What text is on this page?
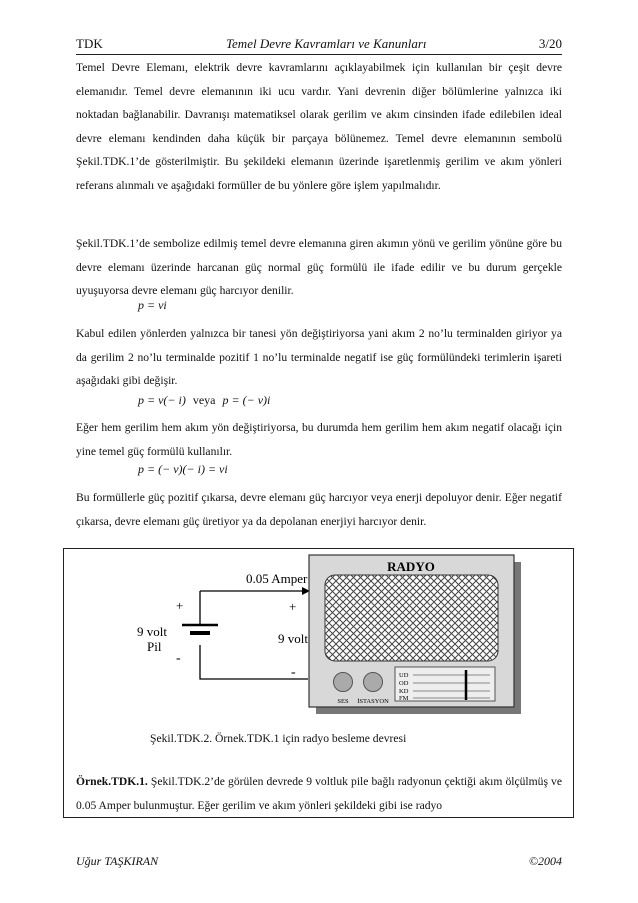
TDK	Temel Devre Kavramları ve Kanunları	3/20

Temel Devre Elemanı, elektrik devre kavramlarını açıklayabilmek için kullanılan bir çeşit devre elemanıdır. Temel devre elemanının iki ucu vardır. Yani devrenin diğer bölümlerine yalnızca iki noktadan bağlanabilir. Davranışı matematiksel olarak gerilim ve akım cinsinden ifade edilebilen ideal devre elemanı kendinden daha küçük bir parçaya bölünemez. Temel devre elemanının sembolü Şekil.TDK.1’de gösterilmiştir. Bu şekildeki elemanın üzerinde işaretlenmiş gerilim ve akım yönleri referans alınmalı ve aşağıdaki formüller de bu yönlere göre işlem yapılmalıdır.

Şekil.TDK.1’de sembolize edilmiş temel devre elemanına giren akımın yönü ve gerilim yönüne göre bu devre elemanı üzerinde harcanan güç normal güç formülü ile ifade edilir ve bu durum gerçekle uyuşuyorsa devre elemanı güç harcıyor denilir.

p = vi

Kabul edilen yönlerden yalnızca bir tanesi yön değiştiriyorsa yani akım 2 no’lu terminalden giriyor ya da gerilim 2 no’lu terminalde pozitif 1 no’lu terminalde negatif ise güç formülündeki terimlerin işareti aşağıdaki gibi değişir.

p = v(− i) veya p = (− v)i

Eğer hem gerilim hem akım yön değiştiriyorsa, bu durumda hem gerilim hem akım negatif olacağı için yine temel güç formülü kullanılır.

p = (− v)(− i) = vi

Bu formüllerle güç pozitif çıkarsa, devre elemanı güç harcıyor veya enerji depoluyor denir. Eğer negatif çıkarsa, devre elemanı güç üretiyor ya da depolanan enerjiyi harcıyor denir.

0.05 Amper
+
-
9 volt
Pil
+
9 volt
-
RADYO
SES İSTASYON
UD
OD
KD
FM
Şekil.TDK.2. Örnek.TDK.1 için radyo besleme devresi

Örnek.TDK.1. Şekil.TDK.2’de görülen devrede 9 voltluk pile bağlı radyonun çektiği akım ölçülmüş ve 0.05 Amper bulunmuştur. Eğer gerilim ve akım yönleri şekildeki gibi ise radyo

Uğur TAŞKIRAN	©2004
